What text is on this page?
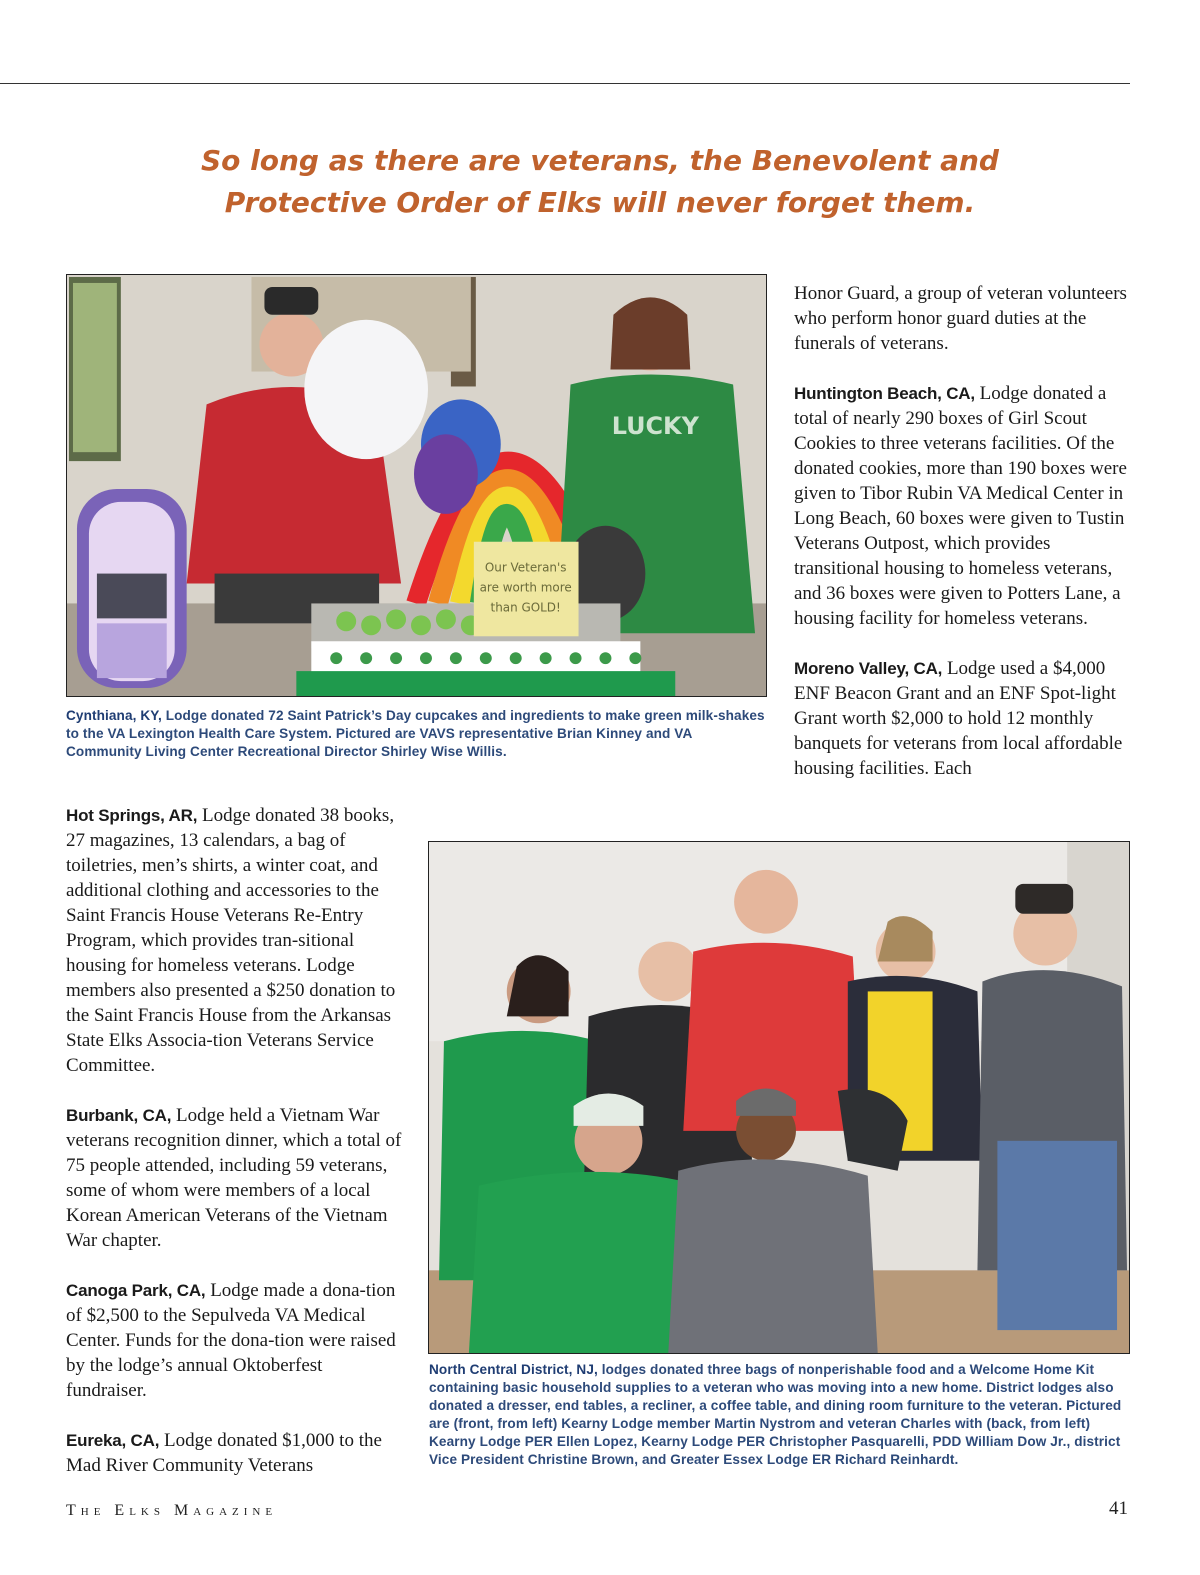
So long as there are veterans, the Benevolent and
Protective Order of Elks will never forget them.
Our Veteran's
are worth more
than GOLD!
LUCKY
Cynthiana, KY, Lodge donated 72 Saint Patrick’s Day cupcakes and ingredients to make green milk-shakes to the VA Lexington Health Care System. Pictured are VAVS representative Brian Kinney and VA Community Living Center Recreational Director Shirley Wise Willis.

Honor Guard, a group of veteran volunteers who perform honor guard duties at the funerals of veterans.

Huntington Beach, CA, Lodge donated a total of nearly 290 boxes of Girl Scout Cookies to three veterans facilities. Of the donated cookies, more than 190 boxes were given to Tibor Rubin VA Medical Center in Long Beach, 60 boxes were given to Tustin Veterans Outpost, which provides transitional housing to homeless veterans, and 36 boxes were given to Potters Lane, a housing facility for homeless veterans.

Moreno Valley, CA, Lodge used a $4,000 ENF Beacon Grant and an ENF Spot-light Grant worth $2,000 to hold 12 monthly banquets for veterans from local affordable housing facilities. Each

Hot Springs, AR, Lodge donated 38 books, 27 magazines, 13 calendars, a bag of toiletries, men’s shirts, a winter coat, and additional clothing and accessories to the Saint Francis House Veterans Re-Entry Program, which provides tran-sitional housing for homeless veterans. Lodge members also presented a $250 donation to the Saint Francis House from the Arkansas State Elks Associa-tion Veterans Service Committee.

Burbank, CA, Lodge held a Vietnam War veterans recognition dinner, which a total of 75 people attended, including 59 veterans, some of whom were members of a local Korean American Veterans of the Vietnam War chapter.

Canoga Park, CA, Lodge made a dona-tion of $2,500 to the Sepulveda VA Medical Center. Funds for the dona-tion were raised by the lodge’s annual Oktoberfest fundraiser.

Eureka, CA, Lodge donated $1,000 to the Mad River Community Veterans

North Central District, NJ, lodges donated three bags of nonperishable food and a Welcome Home Kit containing basic household supplies to a veteran who was moving into a new home. District lodges also donated a dresser, end tables, a recliner, a coffee table, and dining room furniture to the veteran. Pictured are (front, from left) Kearny Lodge member Martin Nystrom and veteran Charles with (back, from left) Kearny Lodge PER Ellen Lopez, Kearny Lodge PER Christopher Pasquarelli, PDD William Dow Jr., district Vice President Christine Brown, and Greater Essex Lodge ER Richard Reinhardt.
The Elks Magazine	41
